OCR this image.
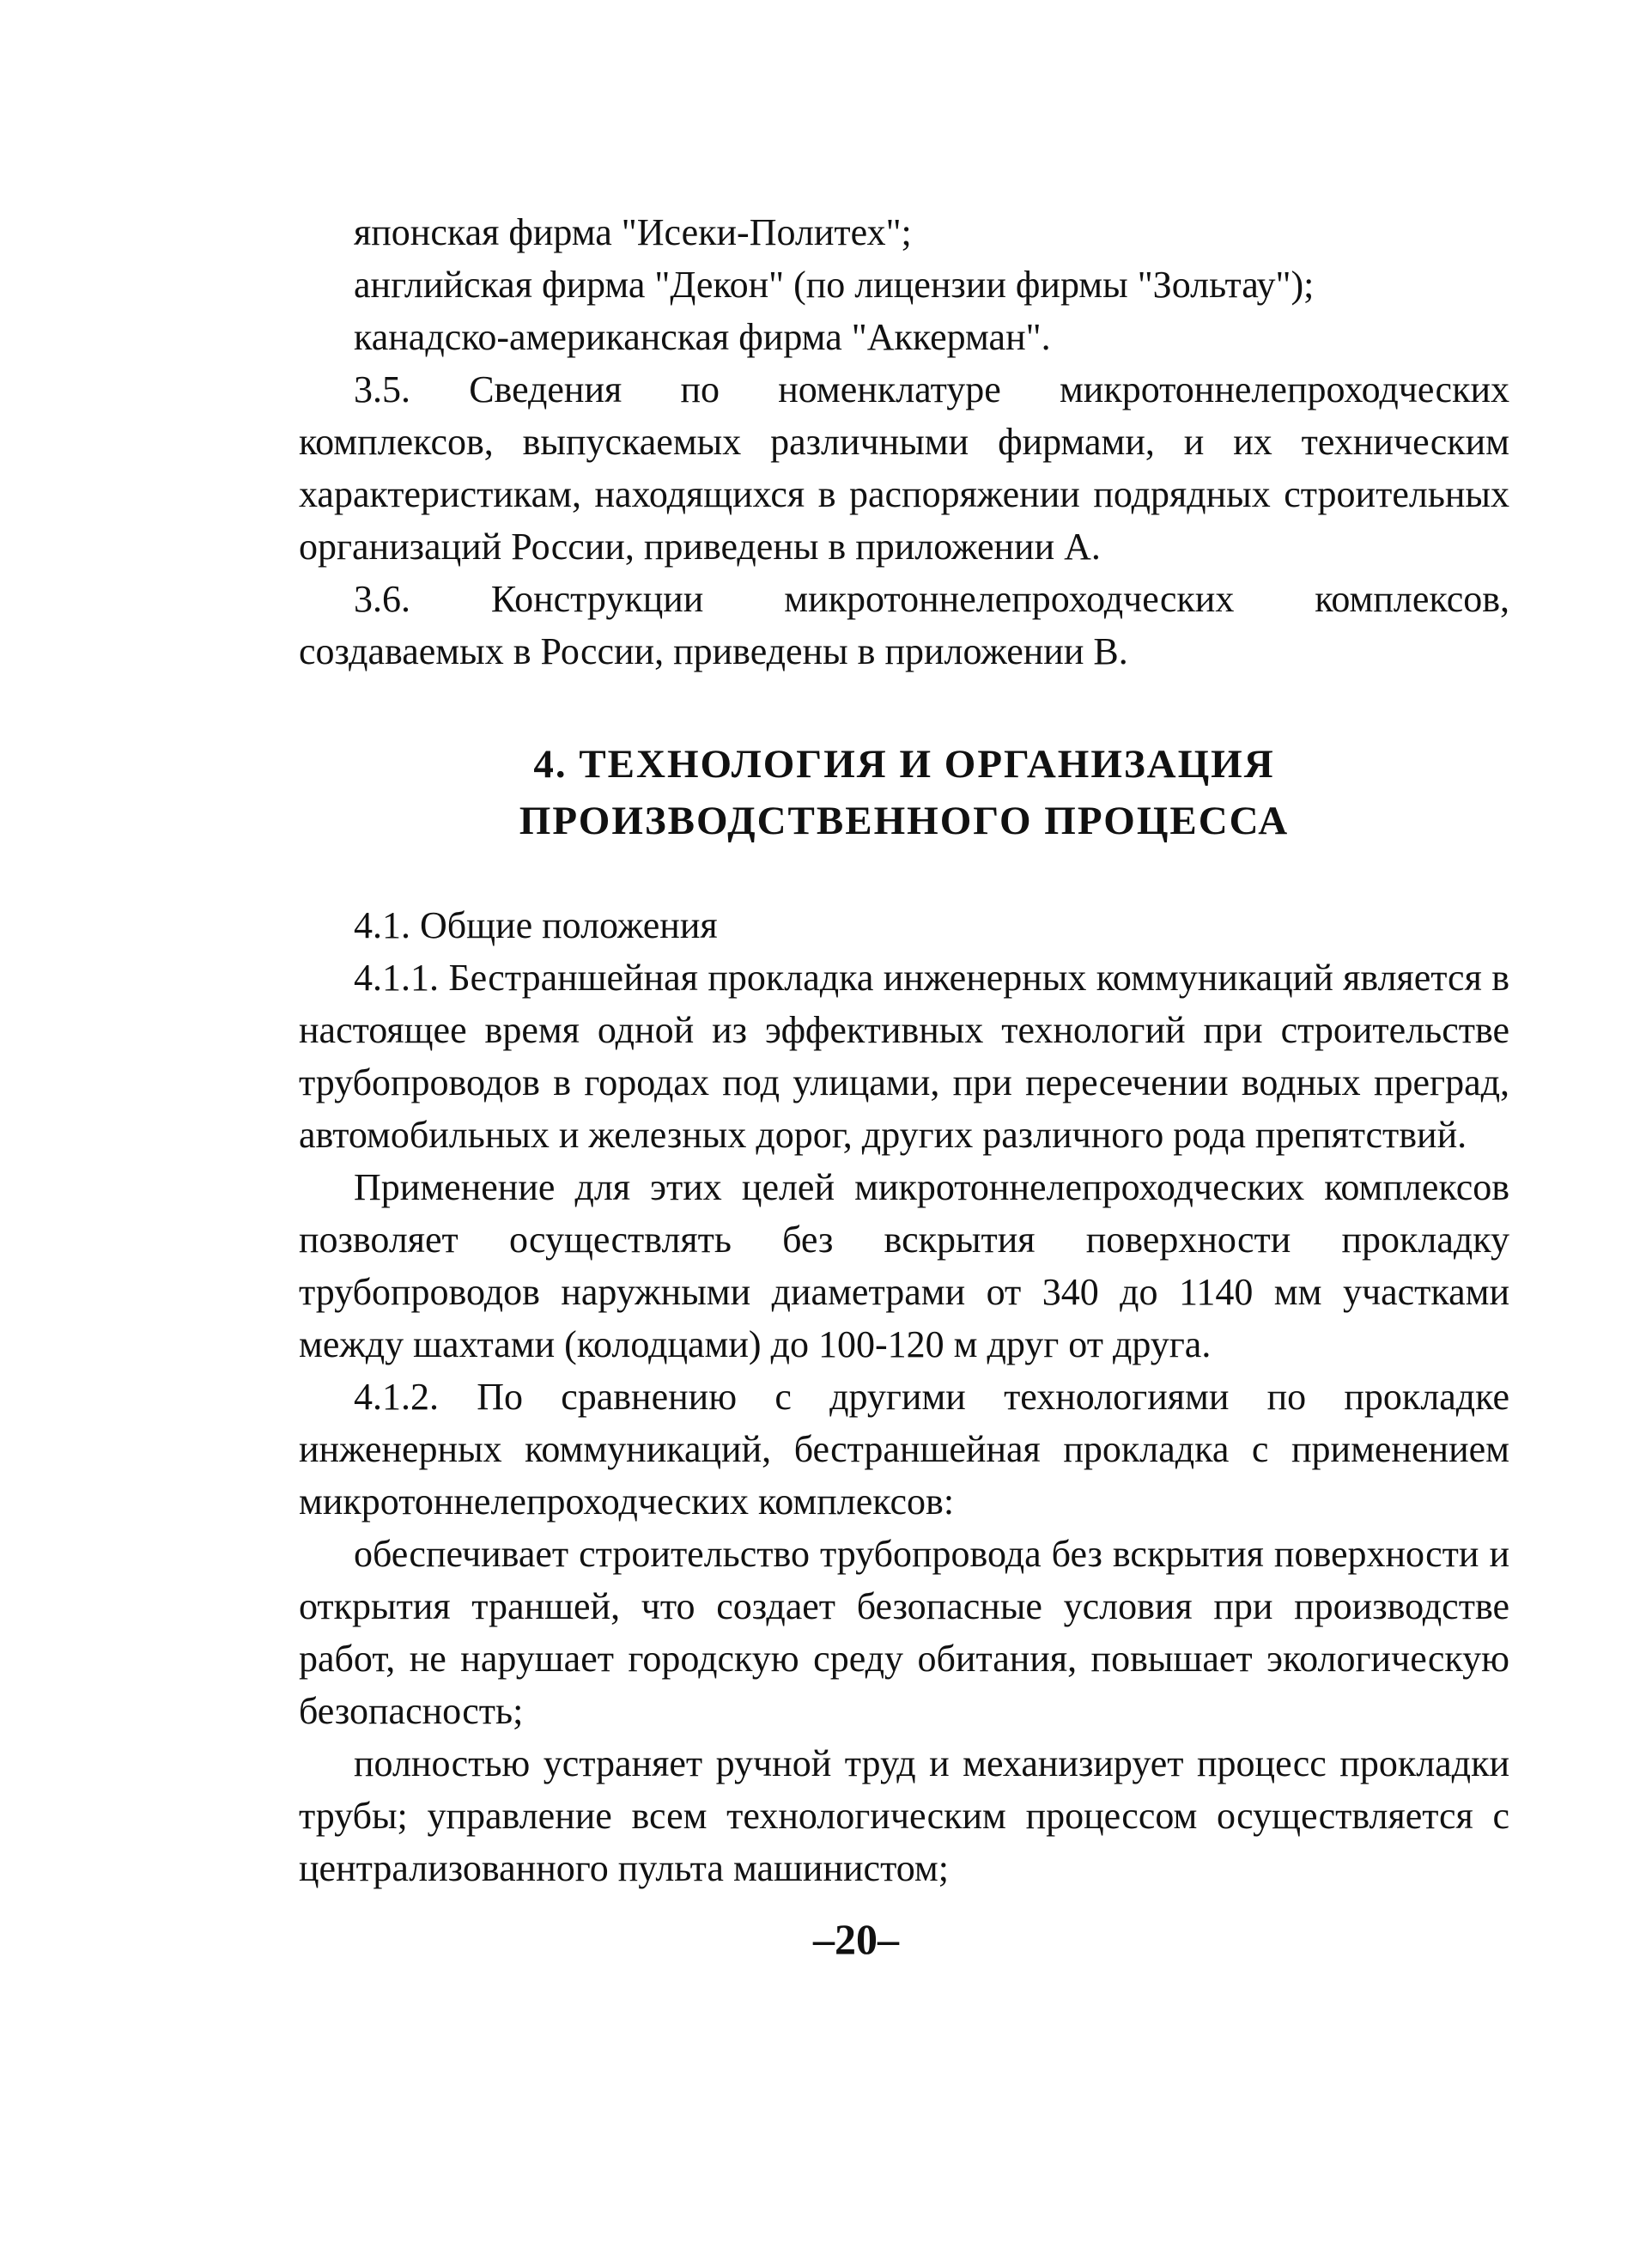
японская фирма "Исеки-Политех";

английская фирма "Декон" (по лицензии фирмы "Зольтау");

канадско-американская фирма "Аккерман".

3.5. Сведения по номенклатуре микротоннелепроходческих комплексов, выпускаемых различными фирмами, и их техническим характеристикам, находящихся в распоряжении подрядных строительных организаций России, приведены в приложении А.

3.6. Конструкции микротоннелепроходческих комплексов, создаваемых в России, приведены в приложении В.

4. ТЕХНОЛОГИЯ И ОРГАНИЗАЦИЯ
ПРОИЗВОДСТВЕННОГО ПРОЦЕССА

4.1. Общие положения

4.1.1. Бестраншейная прокладка инженерных коммуникаций является в настоящее время одной из эффективных технологий при строительстве трубопроводов в городах под улицами, при пересечении водных преград, автомобильных и железных дорог, других различного рода препятствий.

Применение для этих целей микротоннелепроходческих комплексов позволяет осуществлять без вскрытия поверхности прокладку трубопроводов наружными диаметрами от 340 до 1140 мм участками между шахтами (колодцами) до 100-120 м друг от друга.

4.1.2. По сравнению с другими технологиями по прокладке инженерных коммуникаций, бестраншейная прокладка с применением микротоннелепроходческих комплексов:

обеспечивает строительство трубопровода без вскрытия поверхности и открытия траншей, что создает безопасные условия при производстве работ, не нарушает городскую среду обитания, повышает экологическую безопасность;

полностью устраняет ручной труд и механизирует процесс прокладки трубы; управление всем технологическим процессом осуществляется с централизованного пульта машинистом;

–20–
